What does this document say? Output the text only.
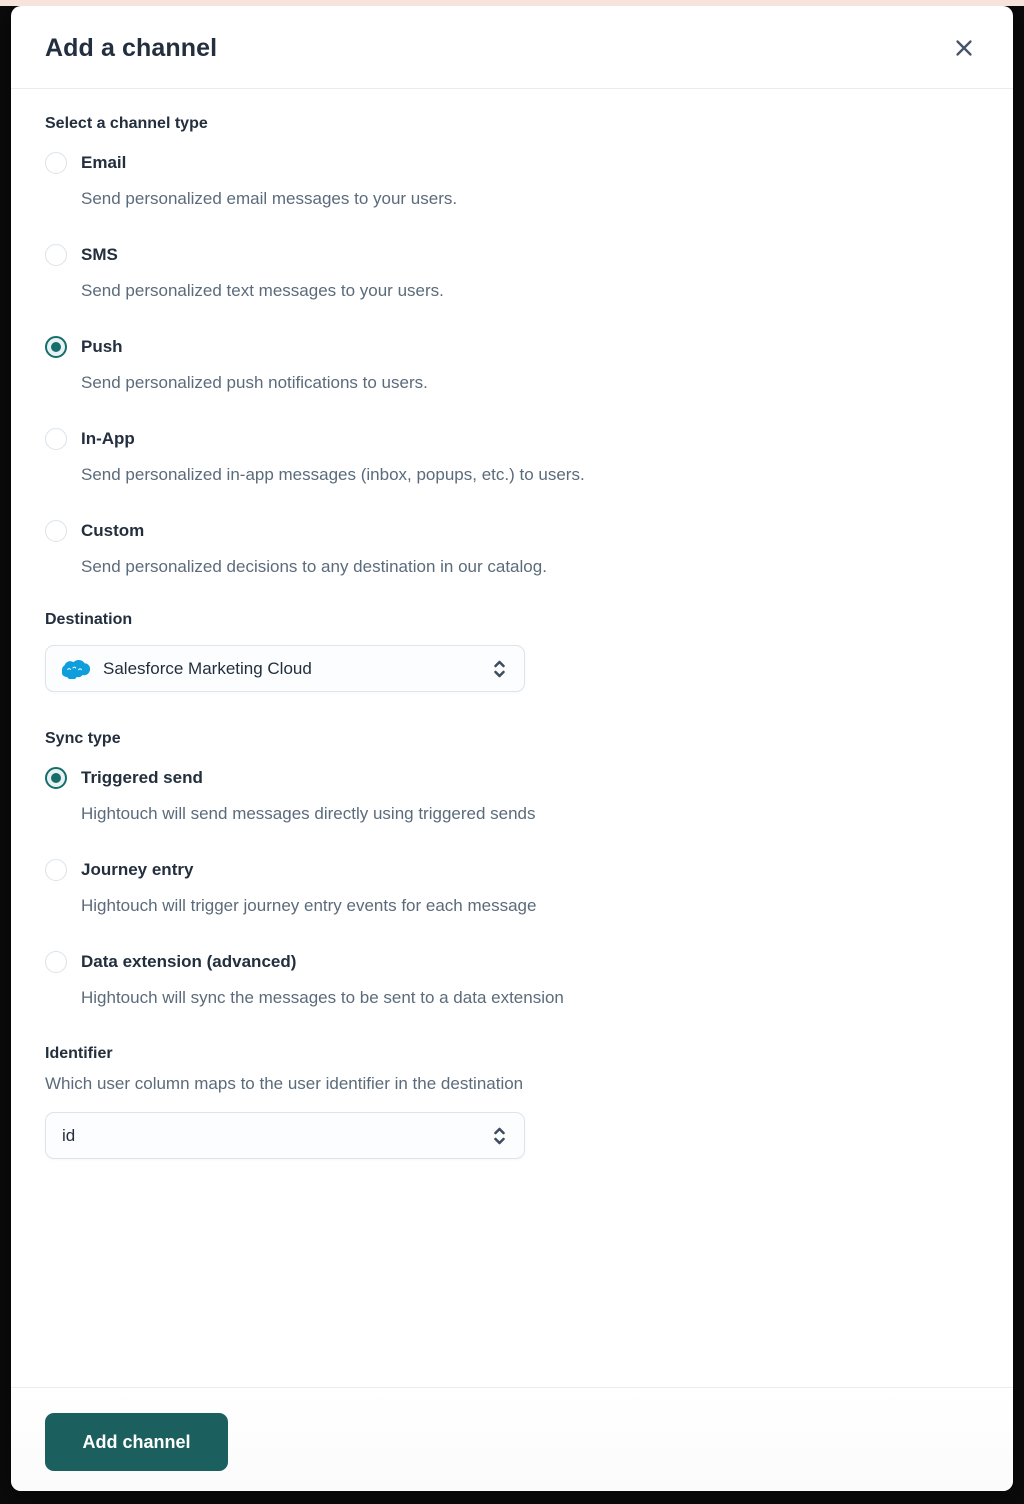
Add a channel
Select a channel type
Email
Send personalized email messages to your users.
SMS
Send personalized text messages to your users.
Push
Send personalized push notifications to users.
In-App
Send personalized in-app messages (inbox, popups, etc.) to users.
Custom
Send personalized decisions to any destination in our catalog.
Destination
Salesforce Marketing Cloud
Sync type
Triggered send
Hightouch will send messages directly using triggered sends
Journey entry
Hightouch will trigger journey entry events for each message
Data extension (advanced)
Hightouch will sync the messages to be sent to a data extension
Identifier
Which user column maps to the user identifier in the destination
id
Add channel
